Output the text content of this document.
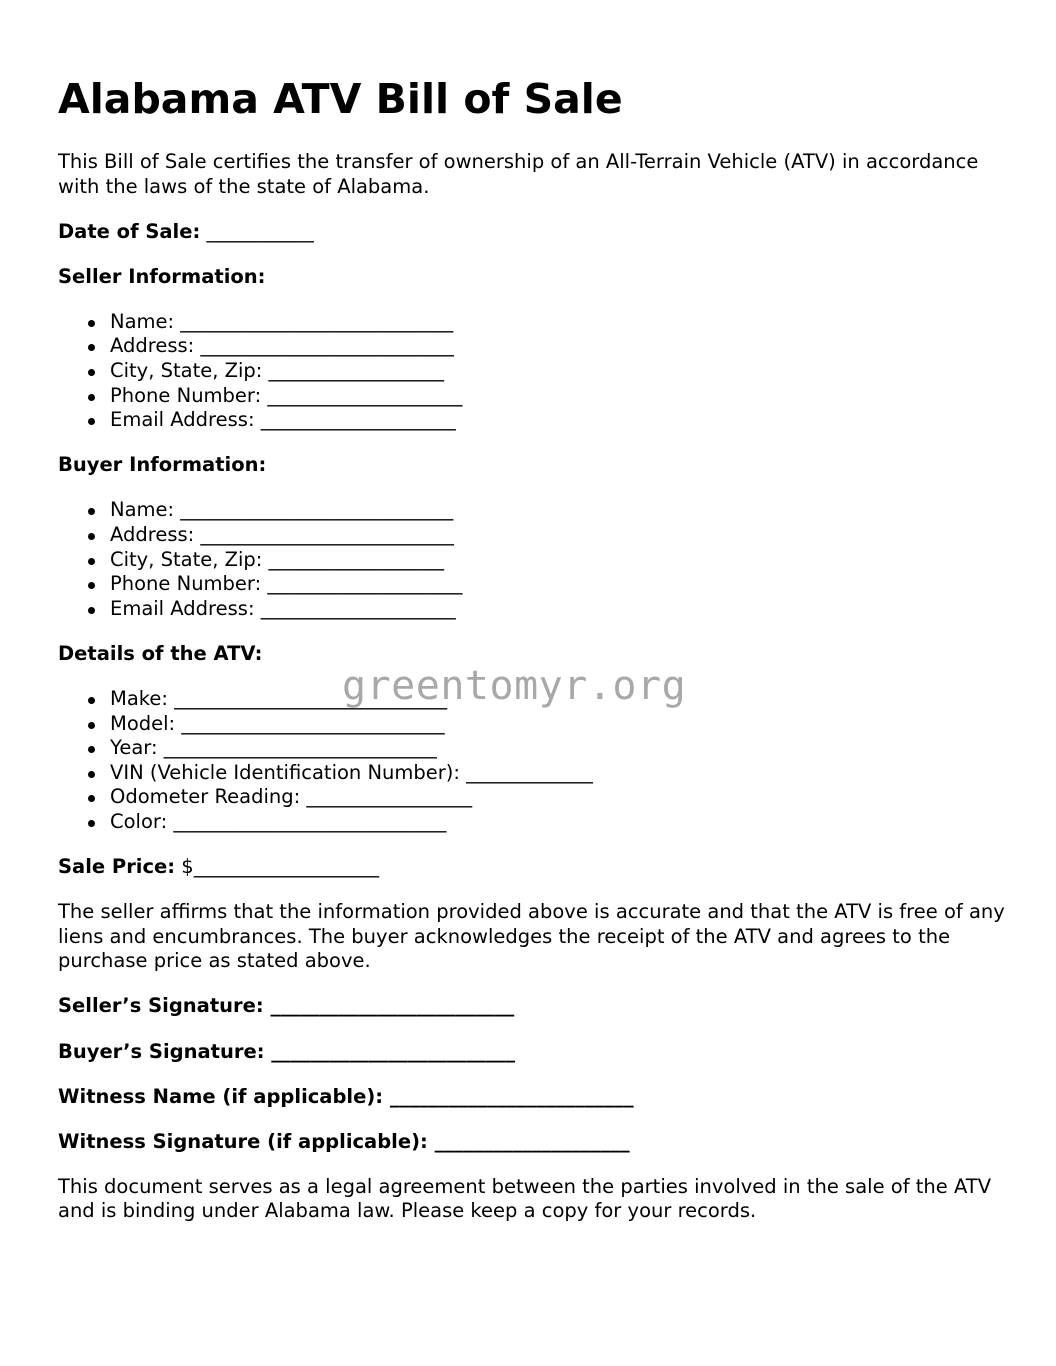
Alabama ATV Bill of Sale

This Bill of Sale certifies the transfer of ownership of an All-Terrain Vehicle (ATV) in accordance with the laws of the state of Alabama.

Date of Sale: ___________

Seller Information:

Name: ____________________________
Address: __________________________
City, State, Zip: __________________
Phone Number: ____________________
Email Address: ____________________

Buyer Information:

Name: ____________________________
Address: __________________________
City, State, Zip: __________________
Phone Number: ____________________
Email Address: ____________________

Details of the ATV:

Make: ____________________________
Model: ___________________________
Year: ____________________________
VIN (Vehicle Identification Number): _____________
Odometer Reading: _________________
Color: ____________________________

Sale Price: $___________________

The seller affirms that the information provided above is accurate and that the ATV is free of any liens and encumbrances. The buyer acknowledges the receipt of the ATV and agrees to the purchase price as stated above.

Seller’s Signature: _________________________

Buyer’s Signature: _________________________

Witness Name (if applicable): _________________________

Witness Signature (if applicable): ____________________

This document serves as a legal agreement between the parties involved in the sale of the ATV and is binding under Alabama law. Please keep a copy for your records.

greentomyr.org
